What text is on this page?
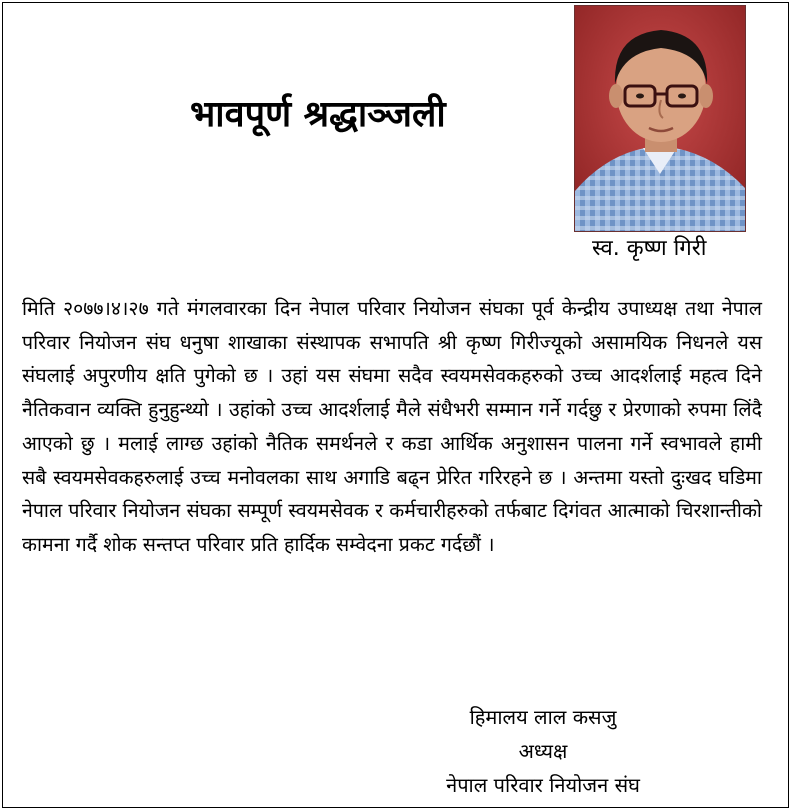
भावपूर्ण श्रद्धाञ्जली
स्व. कृष्ण गिरी

मिति २०७७।४।२७ गते मंगलवारका दिन नेपाल परिवार नियोजन संघका पूर्व केन्द्रीय उपाध्यक्ष तथा नेपाल परिवार नियोजन संघ धनुषा शाखाका संस्थापक सभापति श्री कृष्ण गिरीज्यूको असामयिक निधनले यस संघलाई अपुरणीय क्षति पुगेको छ । उहां यस संघमा सदैव स्वयमसेवकहरुको उच्च आदर्शलाई महत्व दिने नैतिकवान व्यक्ति हुनुहुन्थ्यो । उहांको उच्च आदर्शलाई मैले संधैभरी सम्मान गर्ने गर्दछु र प्रेरणाको रुपमा लिंदै आएको छु । मलाई लाग्छ उहांको नैतिक समर्थनले र कडा आर्थिक अनुशासन पालना गर्ने स्वभावले हामी सबै स्वयमसेवकहरुलाई उच्च मनोवलका साथ अगाडि बढ्न प्रेरित गरिरहने छ । अन्तमा यस्तो दुःखद घडिमा नेपाल परिवार नियोजन संघका सम्पूर्ण स्वयमसेवक र कर्मचारीहरुको तर्फबाट दिगंवत आत्माको चिरशान्तीको कामना गर्दै शोक सन्तप्त परिवार प्रति हार्दिक सम्वेदना प्रकट गर्दछौं ।

हिमालय लाल कसजु
अध्यक्ष
नेपाल परिवार नियोजन संघ
